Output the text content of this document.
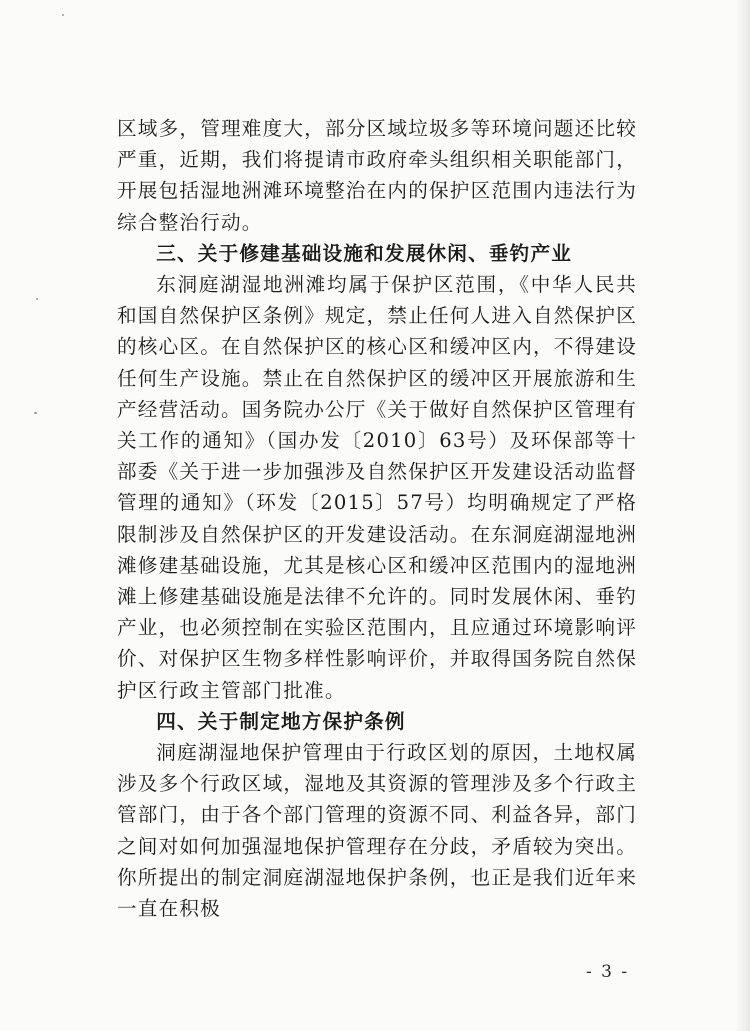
区域多，管理难度大，部分区域垃圾多等环境问题还比较严重，近期，我们将提请市政府牵头组织相关职能部门，开展包括湿地洲滩环境整治在内的保护区范围内违法行为综合整治行动。

三、关于修建基础设施和发展休闲、垂钓产业

东洞庭湖湿地洲滩均属于保护区范围，《中华人民共和国自然保护区条例》规定，禁止任何人进入自然保护区的核心区。在自然保护区的核心区和缓冲区内，不得建设任何生产设施。禁止在自然保护区的缓冲区开展旅游和生产经营活动。国务院办公厅《关于做好自然保护区管理有关工作的通知》（国办发〔2010〕63号）及环保部等十部委《关于进一步加强涉及自然保护区开发建设活动监督管理的通知》（环发〔2015〕57号）均明确规定了严格限制涉及自然保护区的开发建设活动。在东洞庭湖湿地洲滩修建基础设施，尤其是核心区和缓冲区范围内的湿地洲滩上修建基础设施是法律不允许的。同时发展休闲、垂钓产业，也必须控制在实验区范围内，且应通过环境影响评价、对保护区生物多样性影响评价，并取得国务院自然保护区行政主管部门批准。

四、关于制定地方保护条例

洞庭湖湿地保护管理由于行政区划的原因，土地权属涉及多个行政区域，湿地及其资源的管理涉及多个行政主管部门，由于各个部门管理的资源不同、利益各异，部门之间对如何加强湿地保护管理存在分歧，矛盾较为突出。你所提出的制定洞庭湖湿地保护条例，也正是我们近年来一直在积极

- 3 -
